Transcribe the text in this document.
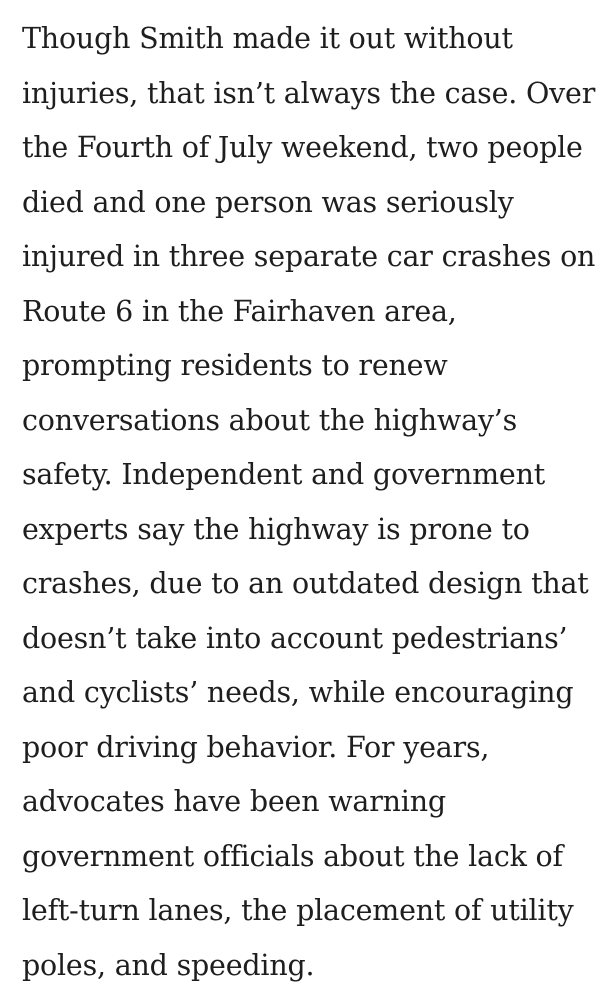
Though Smith made it out without
injuries, that isn’t always the case. Over
the Fourth of July weekend, two people
died and one person was seriously
injured in three separate car crashes on
Route 6 in the Fairhaven area,
prompting residents to renew
conversations about the highway’s
safety. Independent and government
experts say the highway is prone to
crashes, due to an outdated design that
doesn’t take into account pedestrians’
and cyclists’ needs, while encouraging
poor driving behavior. For years,
advocates have been warning
government officials about the lack of
left-turn lanes, the placement of utility
poles, and speeding.
